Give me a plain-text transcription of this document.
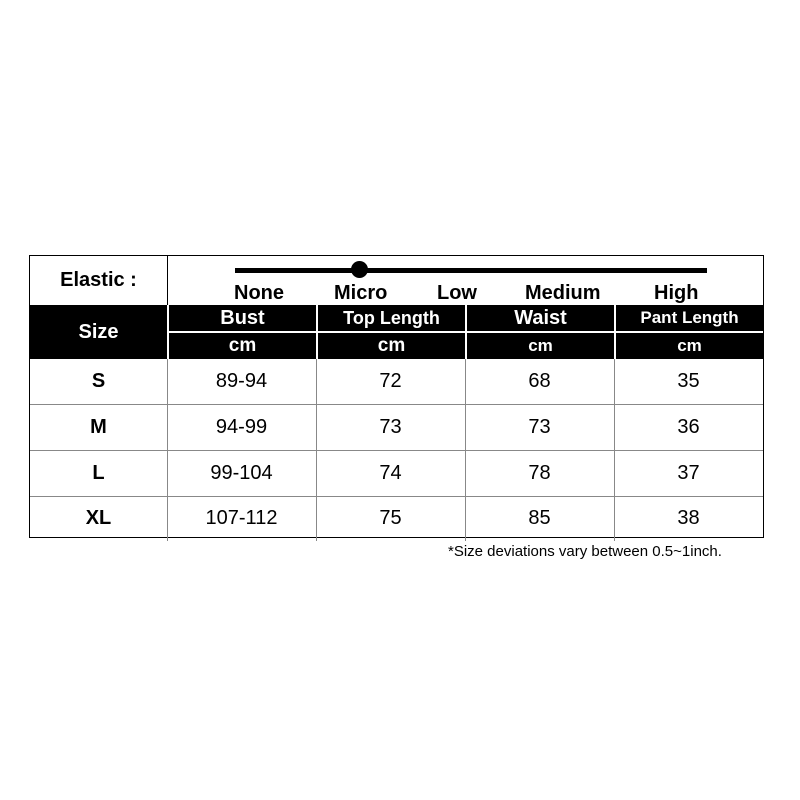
Elastic :
None	Micro Low Medium	High
Size
Bust	Top Length	Waist	Pant Length
cm	cm	cm	cm
S	89-94	72	68	35
M	94-99	73	73	36
L	99-104	74	78	37
XL	107-112	75	85	38
*Size deviations vary between 0.5~1inch.
